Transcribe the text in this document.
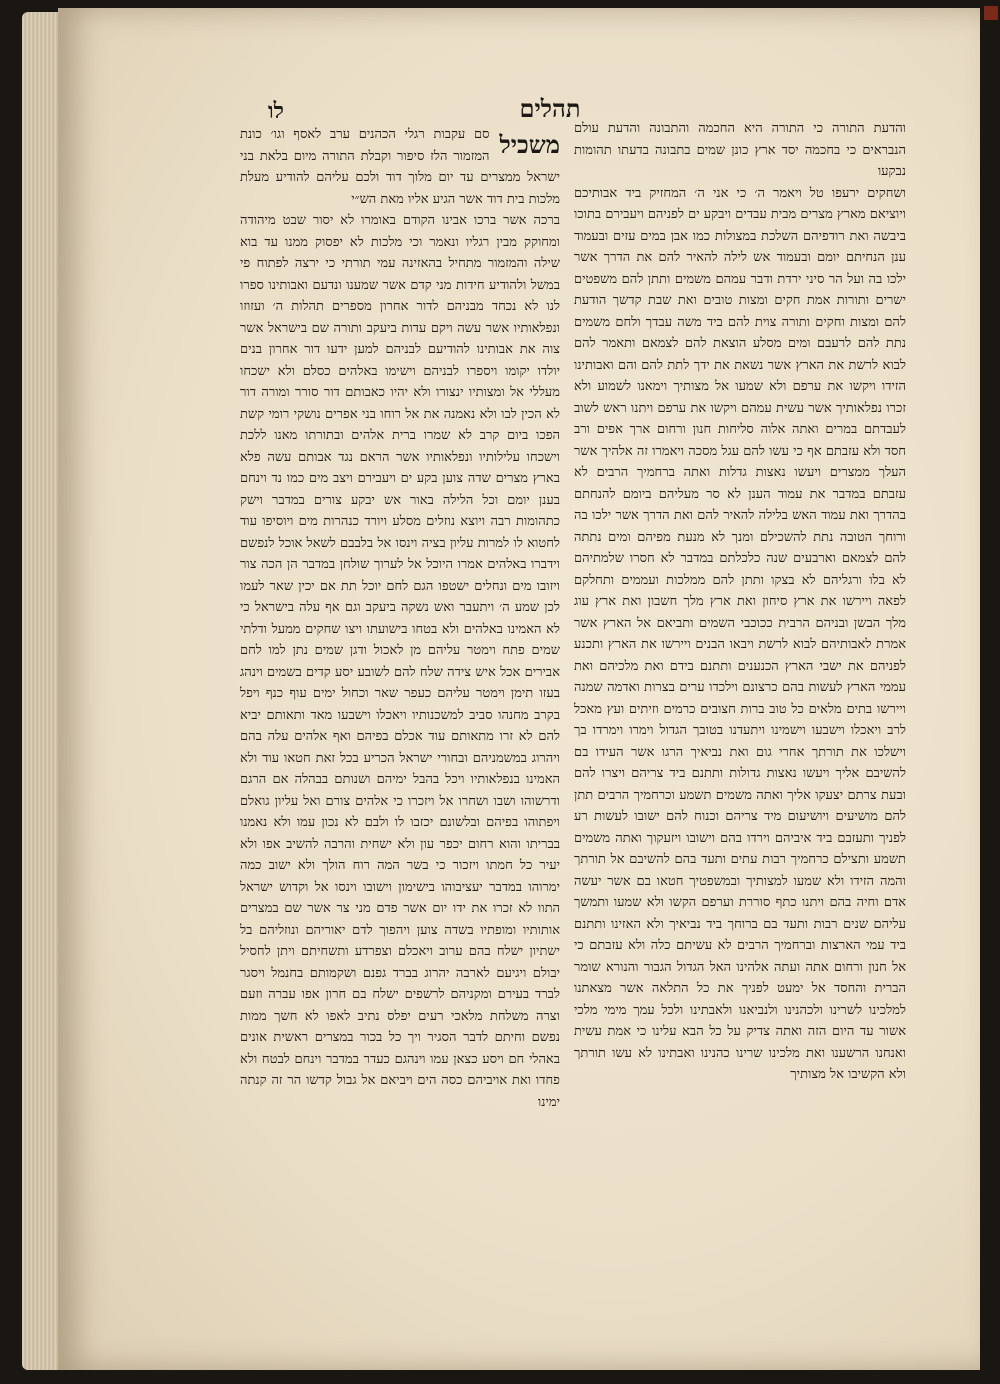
תהלים
לו

והדעת התורה כי התורה היא החכמה והתבונה והדעת עולם הנבראים כי בחכמה יסד ארץ כונן שמים בתבונה בדעתו תהומות נבקעו

ושחקים ירעפו טל ויאמר ה׳ כי אני ה׳ המחזיק ביד אבותיכם ויוציאם מארץ מצרים מבית עבדים ויבקע ים לפניהם ויעבירם בתוכו ביבשה ואת רודפיהם השלכת במצולות כמו אבן במים עזים ובעמוד ענן הנחיתם יומם ובעמוד אש לילה להאיר להם את הדרך אשר ילכו בה ועל הר סיני ירדת ודבר עמהם משמים ותתן להם משפטים ישרים ותורות אמת חקים ומצות טובים ואת שבת קדשך הודעת להם ומצות וחקים ותורה צוית להם ביד משה עבדך ולחם משמים נתת להם לרעבם ומים מסלע הוצאת להם לצמאם ותאמר להם לבוא לרשת את הארץ אשר נשאת את ידך לתת להם והם ואבותינו הזידו ויקשו את ערפם ולא שמעו אל מצותיך וימאנו לשמוע ולא זכרו נפלאותיך אשר עשית עמהם ויקשו את ערפם ויתנו ראש לשוב לעבדתם במרים ואתה אלוה סליחות חנון ורחום ארך אפים ורב חסד ולא עזבתם אף כי עשו להם עגל מסכה ויאמרו זה אלהיך אשר העלך ממצרים ויעשו נאצות גדלות ואתה ברחמיך הרבים לא עזבתם במדבר את עמוד הענן לא סר מעליהם ביומם להנחתם בהדרך ואת עמוד האש בלילה להאיר להם ואת הדרך אשר ילכו בה ורוחך הטובה נתת להשכילם ומנך לא מנעת מפיהם ומים נתתה להם לצמאם וארבעים שנה כלכלתם במדבר לא חסרו שלמתיהם לא בלו ורגליהם לא בצקו ותתן להם ממלכות ועממים ותחלקם לפאה ויירשו את ארץ סיחון ואת ארץ מלך חשבון ואת ארץ עוג מלך הבשן ובניהם הרבית ככוכבי השמים ותביאם אל הארץ אשר אמרת לאבותיהם לבוא לרשת ויבאו הבנים ויירשו את הארץ ותכנע לפניהם את ישבי הארץ הכנענים ותתנם בידם ואת מלכיהם ואת עממי הארץ לעשות בהם כרצונם וילכדו ערים בצרות ואדמה שמנה ויירשו בתים מלאים כל טוב ברות חצובים כרמים וזיתים ועץ מאכל לרב ויאכלו וישבעו וישמינו ויתעדנו בטובך הגדול וימרו וימרדו בך וישלכו את תורתך אחרי גום ואת נביאיך הרגו אשר העידו בם להשיבם אליך ויעשו נאצות גדולות ותתנם ביד צריהם ויצרו להם ובעת צרתם יצעקו אליך ואתה משמים תשמע וכרחמיך הרבים תתן להם מושיעים ויושיעום מיד צריהם וכנוח להם ישובו לעשות רע לפניך ותעזבם ביד איביהם וירדו בהם וישובו ויזעקוך ואתה משמים תשמע ותצילם כרחמיך רבות עתים ותעד בהם להשיבם אל תורתך והמה הזידו ולא שמעו למצותיך ובמשפטיך חטאו בם אשר יעשה אדם וחיה בהם ויתנו כתף סוררת וערפם הקשו ולא שמעו ותמשך עליהם שנים רבות ותעד בם ברוחך ביד נביאיך ולא האזינו ותתנם ביד עמי הארצות וברחמיך הרבים לא עשיתם כלה ולא עזבתם כי אל חנון ורחום אתה ועתה אלהינו האל הגדול הגבור והנורא שומר הברית והחסד אל ימעט לפניך את כל התלאה אשר מצאתנו למלכינו לשרינו ולכהנינו ולנביאנו ולאבתינו ולכל עמך מימי מלכי אשור עד היום הזה ואתה צדיק על כל הבא עלינו כי אמת עשית ואנחנו הרשענו ואת מלכינו שרינו כהנינו ואבתינו לא עשו תורתך ולא הקשיבו אל מצותיך

משכיל

סם עקבות רגלי הכהנים ערב לאסף וגו׳ כונת המזמור הלז סיפור וקבלת התורה מיום בלאת בני ישראל ממצרים עד יום מלוך דוד ולכם עליהם להודיע מעלת מלכות בית דוד אשר הגיע אליו מאת הש״י

ברכה אשר ברכו אבינו הקודם באומרו לא יסור שבט מיהודה ומחוקק מבין רגליו ונאמר וכי מלכות לא יפסוק ממנו עד בוא שילה והמזמור מתחיל בהאזינה עמי תורתי כי ירצה לפתוח פי במשל ולהודיע חידות מני קדם אשר שמענו ונדעם ואבותינו ספרו לנו לא נכחד מבניהם לדור אחרון מספרים תהלות ה׳ ועזוזו ונפלאותיו אשר עשה ויקם עדות ביעקב ותורה שם בישראל אשר צוה את אבותינו להודיעם לבניהם למען ידעו דור אחרון בנים יולדו יקומו ויספרו לבניהם וישימו באלהים כסלם ולא ישכחו מעללי אל ומצותיו ינצורו ולא יהיו כאבותם דור סורר ומורה דור לא הכין לבו ולא נאמנה את אל רוחו בני אפרים נושקי רומי קשת הפכו ביום קרב לא שמרו ברית אלהים ובתורתו מאנו ללכת וישכחו עלילותיו ונפלאותיו אשר הראם נגד אבותם עשה פלא בארץ מצרים שדה צוען בקע ים ויעבירם ויצב מים כמו נד וינחם בענן יומם וכל הלילה באור אש יבקע צורים במדבר וישק כתהומות רבה ויוצא נוזלים מסלע ויורד כנהרות מים ויוסיפו עוד לחטוא לו למרות עליון בציה וינסו אל בלבבם לשאל אוכל לנפשם וידברו באלהים אמרו היוכל אל לערוך שולחן במדבר הן הכה צור ויזובו מים ונחלים ישטפו הגם לחם יוכל תת אם יכין שאר לעמו לכן שמע ה׳ ויתעבר ואש נשקה ביעקב וגם אף עלה בישראל כי לא האמינו באלהים ולא בטחו בישועתו ויצו שחקים ממעל ודלתי שמים פתח וימטר עליהם מן לאכול ודגן שמים נתן למו לחם אבירים אכל איש צידה שלח להם לשובע יסע קדים בשמים וינהג בעזו תימן וימטר עליהם כעפר שאר וכחול ימים עוף כנף ויפל בקרב מחנהו סביב למשכנותיו ויאכלו וישבעו מאד ותאותם יביא להם לא זרו מתאותם עוד אכלם בפיהם ואף אלהים עלה בהם ויהרוג במשמניהם ובחורי ישראל הכריע בכל זאת חטאו עוד ולא האמינו בנפלאותיו ויכל בהבל ימיהם ושנותם בבהלה אם הרגם ודרשוהו ושבו ושחרו אל ויזכרו כי אלהים צורם ואל עליון גואלם ויפתוהו בפיהם ובלשונם יכזבו לו ולבם לא נכון עמו ולא נאמנו בבריתו והוא רחום יכפר עון ולא ישחית והרבה להשיב אפו ולא יעיר כל חמתו ויזכור כי בשר המה רוח הולך ולא ישוב כמה ימרוהו במדבר יעציבוהו בישימון וישובו וינסו אל וקדוש ישראל התוו לא זכרו את ידו יום אשר פדם מני צר אשר שם במצרים אותותיו ומופתיו בשדה צוען ויהפוך לדם יאוריהם ונוזליהם בל ישתיון ישלח בהם ערוב ויאכלם וצפרדע ותשחיתם ויתן לחסיל יבולם ויגיעם לארבה יהרוג בברד גפנם ושקמותם בחנמל ויסגר לברד בעירם ומקניהם לרשפים ישלח בם חרון אפו עברה וזעם וצרה משלחת מלאכי רעים יפלס נתיב לאפו לא חשך ממות נפשם וחיתם לדבר הסגיר ויך כל בכור במצרים ראשית אונים באהלי חם ויסע כצאן עמו וינהגם כעדר במדבר וינחם לבטח ולא פחדו ואת אויביהם כסה הים ויביאם אל גבול קדשו הר זה קנתה ימינו
